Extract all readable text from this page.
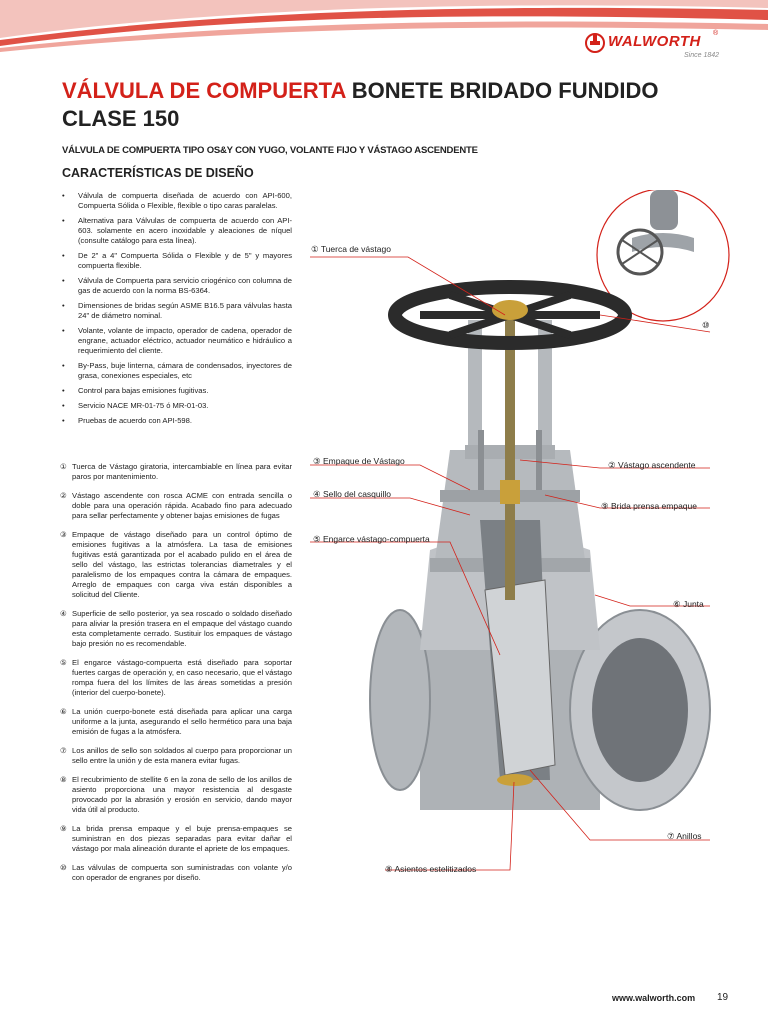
WALWORTH ®
Since 1842
VÁLVULA DE COMPUERTA BONETE BRIDADO FUNDIDO
CLASE 150
VÁLVULA DE COMPUERTA TIPO OS&Y CON YUGO, VOLANTE FIJO Y VÁSTAGO ASCENDENTE
CARACTERÍSTICAS DE DISEÑO
• Válvula de compuerta diseñada de acuerdo con API-600, Compuerta Sólida o Flexible, flexible o tipo caras paralelas.
• Alternativa para Válvulas de compuerta de acuerdo con API-603. solamente en acero inoxidable y aleaciones de níquel (consulte catálogo para esta línea).
• De 2" a 4" Compuerta Sólida o Flexible y de 5" y mayores compuerta flexible.
• Válvula de Compuerta para servicio criogénico con columna de gas de acuerdo con la norma BS-6364.
• Dimensiones de bridas según ASME B16.5 para válvulas hasta 24" de diámetro nominal.
• Volante, volante de impacto, operador de cadena, operador de engrane, actuador eléctrico, actuador neumático e hidráulico a requerimiento del cliente.
• By-Pass, buje linterna, cámara de condensados, inyectores de grasa, conexiones especiales, etc
• Control para bajas emisiones fugitivas.
• Servicio NACE MR-01-75 ó MR-01-03.
• Pruebas de acuerdo con API-598.
① Tuerca de Vástago giratoria, intercambiable en línea para evitar paros por mantenimiento.
② Vástago ascendente con rosca ACME con entrada sencilla o doble para una operación rápida. Acabado fino para adecuado para sellar perfectamente y obtener bajas emisiones de fugas
③ Empaque de vástago diseñado para un control óptimo de emisiones fugitivas a la atmósfera. La tasa de emisiones fugitivas está garantizada por el acabado pulido en el área de sello del vástago, las estrictas tolerancias diametrales y el paralelismo de los empaques contra la cámara de empaques. Arreglo de empaques con carga viva están disponibles a solicitud del Cliente.
④ Superficie de sello posterior, ya sea roscado o soldado diseñado para aliviar la presión trasera en el empaque del vástago cuando esta completamente cerrado. Sustituir los empaques de vástago bajo presión no es recomendable.
⑤ El engarce vástago-compuerta está diseñado para soportar fuertes cargas de operación y, en caso necesario, que el vástago rompa fuera del los límites de las áreas sometidas a presión (interior del cuerpo-bonete).
⑥ La unión cuerpo-bonete está diseñada para aplicar una carga uniforme a la junta, asegurando el sello hermético para una baja emisión de fugas a la atmósfera.
⑦ Los anillos de sello son soldados al cuerpo para proporcionar un sello entre la unión y de esta manera evitar fugas.
⑧ El recubrimiento de stellite 6 en la zona de sello de los anillos de asiento proporciona una mayor resistencia al desgaste provocado por la abrasión y erosión en servicio, dando mayor vida útil al producto.
⑨ La brida prensa empaque y el buje prensa-empaques se suministran en dos piezas separadas para evitar dañar el vástago por mala alineación durante el apriete de los empaques.
⑩ Las válvulas de compuerta son suministradas con volante y/o con operador de engranes por diseño.
① Tuerca de vástago
⑩
③ Empaque de Vástago	② Vástago ascendente
④ Sello del casquillo
⑨ Brida prensa empaque
⑤ Engarce vástago-compuerta
⑥ Junta
⑦ Anillos
⑧ Asientos estelitizados
www.walworth.com 19
